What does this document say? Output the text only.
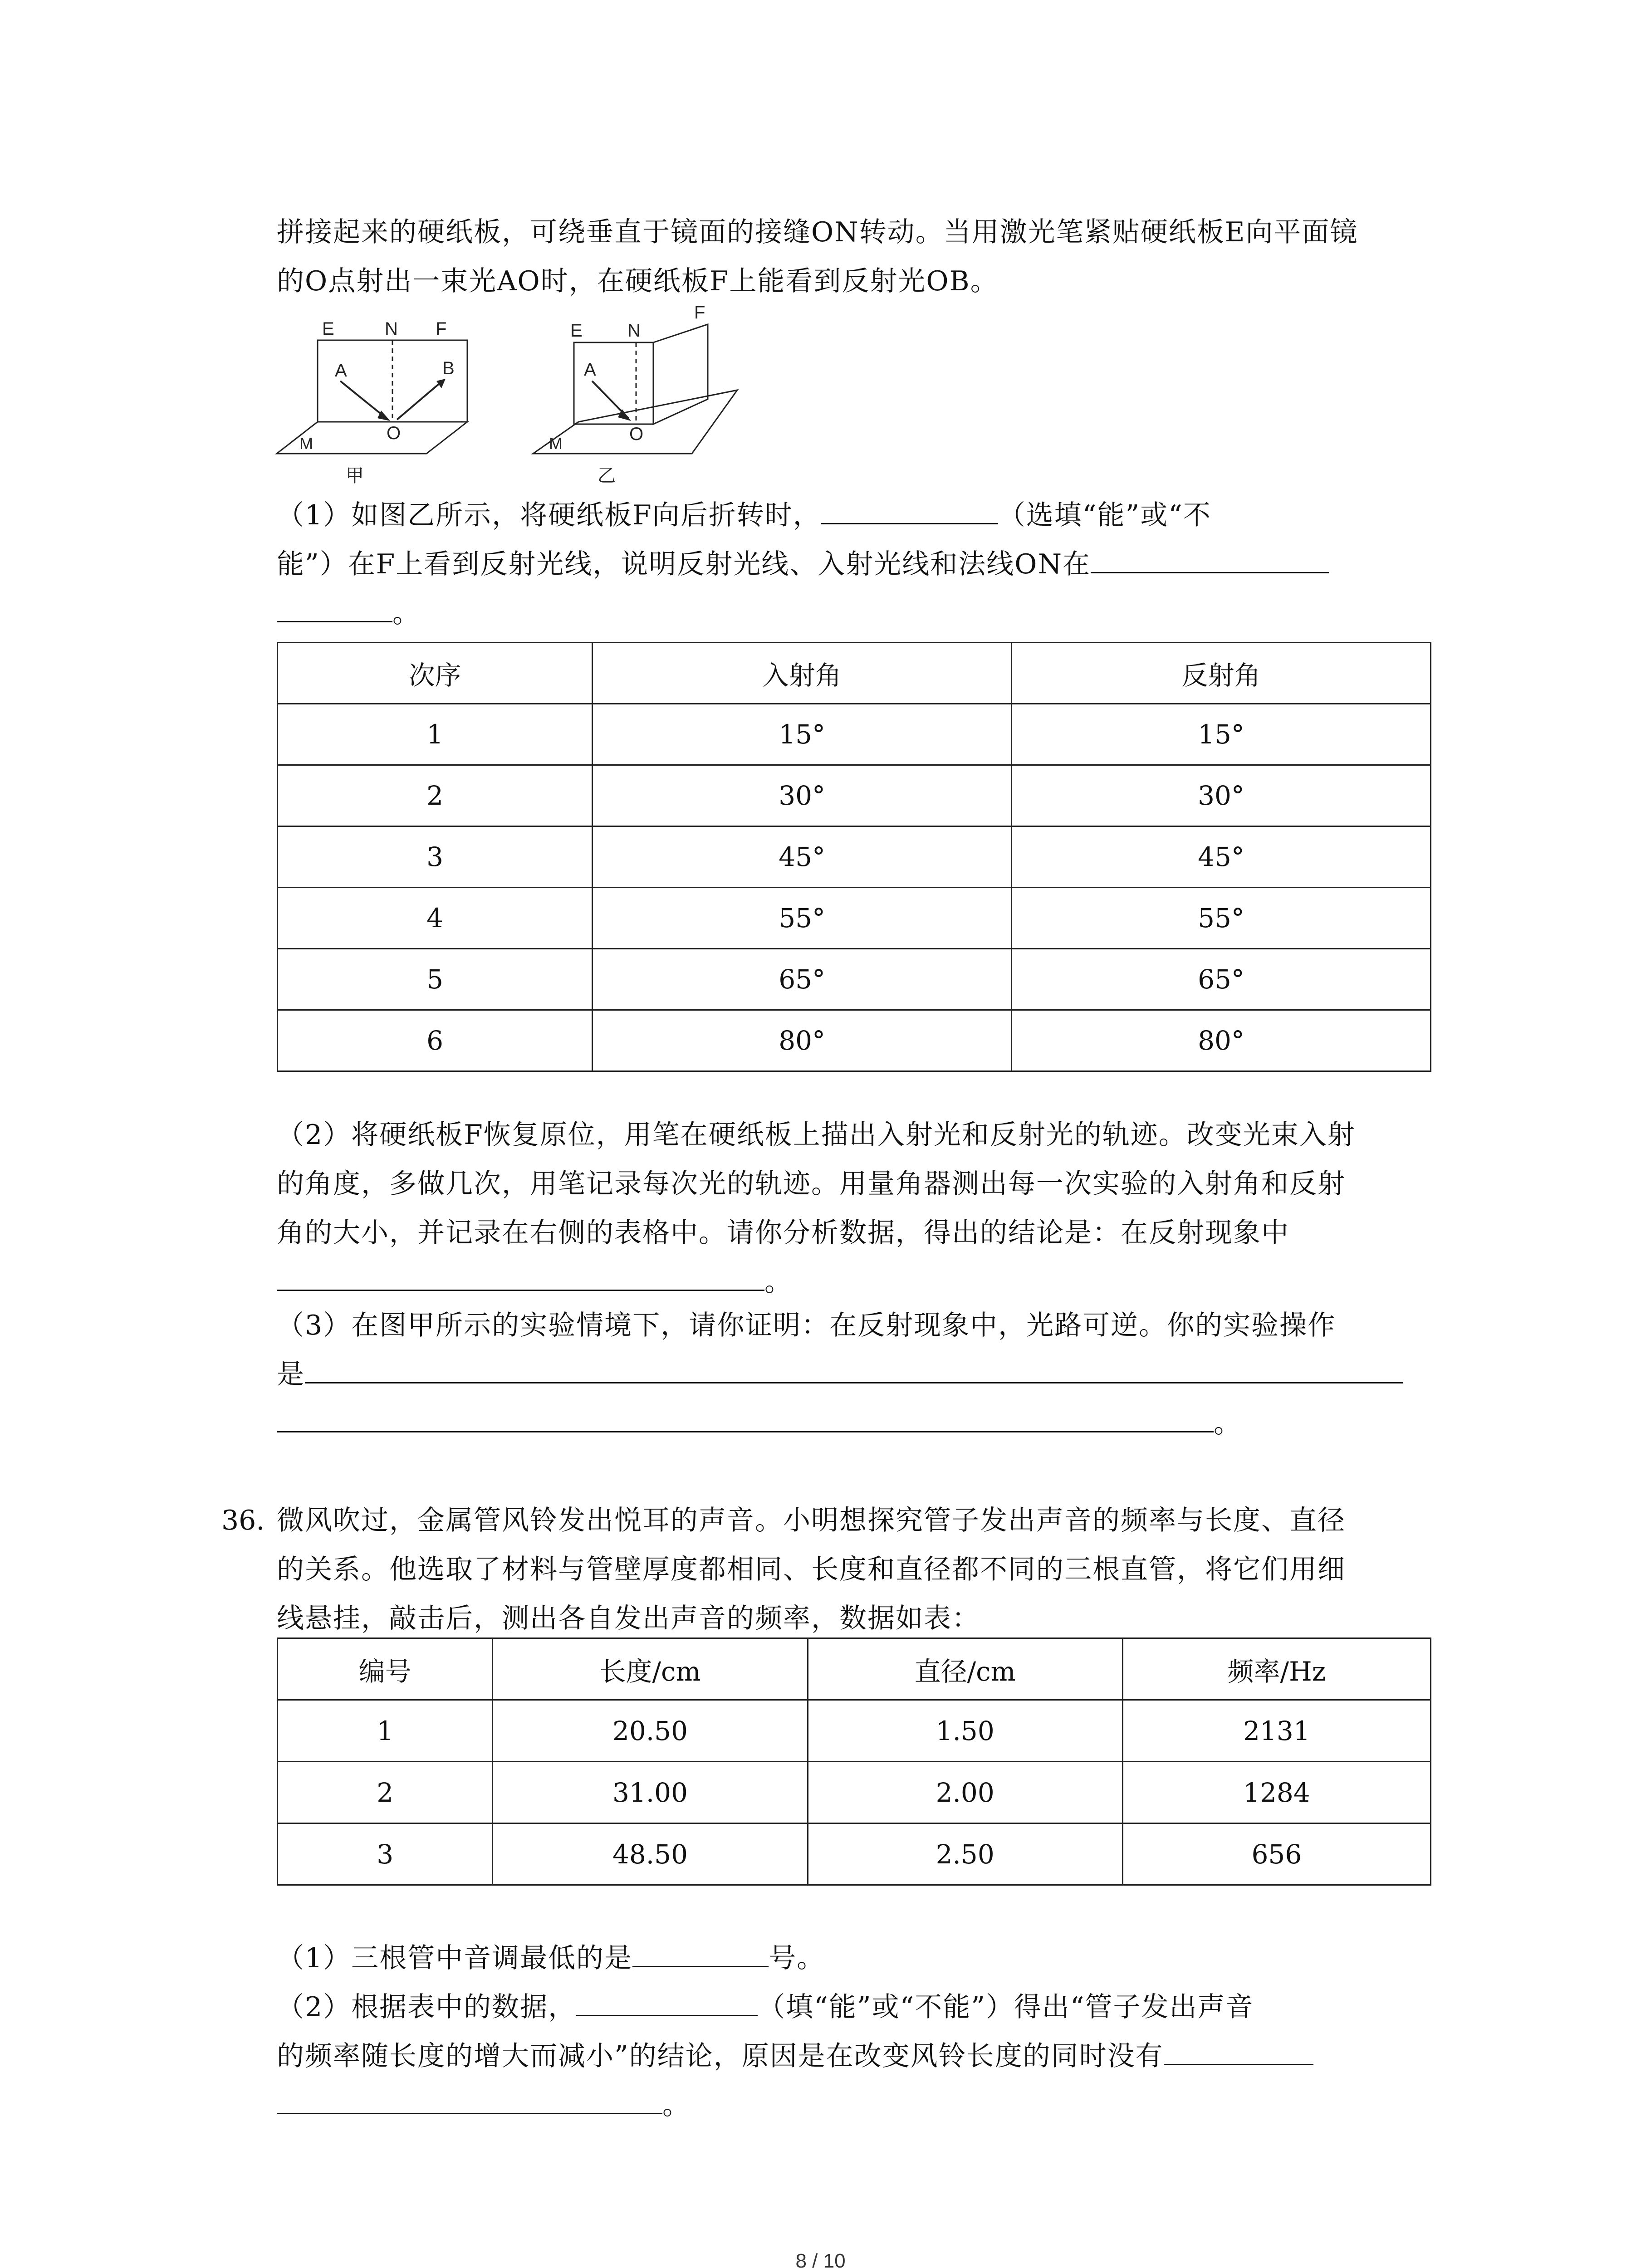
拼接起来的硬纸板，可绕垂直于镜面的接缝ON转动。当用激光笔紧贴硬纸板E向平面镜
的O点射出一束光AO时，在硬纸板F上能看到反射光OB。
E	N F
A	B
O
M
甲
E N
F
A
O
M
乙
（1）如图乙所示，将硬纸板F向后折转时，	（选填“能”或“不
能”）在F上看到反射光线，说明反射光线、入射光线和法线ON在
。
次序	入射角	反射角
1	15°	15°
2	30°	30°
3	45°	45°
4	55°	55°
5	65°	65°
6	80°	80°
（2）将硬纸板F恢复原位，用笔在硬纸板上描出入射光和反射光的轨迹。改变光束入射
的角度，多做几次，用笔记录每次光的轨迹。用量角器测出每一次实验的入射角和反射
角的大小，并记录在右侧的表格中。请你分析数据，得出的结论是：在反射现象中
。
（3）在图甲所示的实验情境下，请你证明：在反射现象中，光路可逆。你的实验操作
是
。
36. 微风吹过，金属管风铃发出悦耳的声音。小明想探究管子发出声音的频率与长度、直径
的关系。他选取了材料与管壁厚度都相同、长度和直径都不同的三根直管，将它们用细
线悬挂，敲击后，测出各自发出声音的频率，数据如表：
编号	长度/cm	直径/cm	频率/Hz
1	20.50	1.50	2131
2	31.00	2.00	1284
3	48.50	2.50	656
（1）三根管中音调最低的是	号。
（2）根据表中的数据，	（填“能”或“不能”）得出“管子发出声音
的频率随长度的增大而减小”的结论，原因是在改变风铃长度的同时没有
。
8 / 10
